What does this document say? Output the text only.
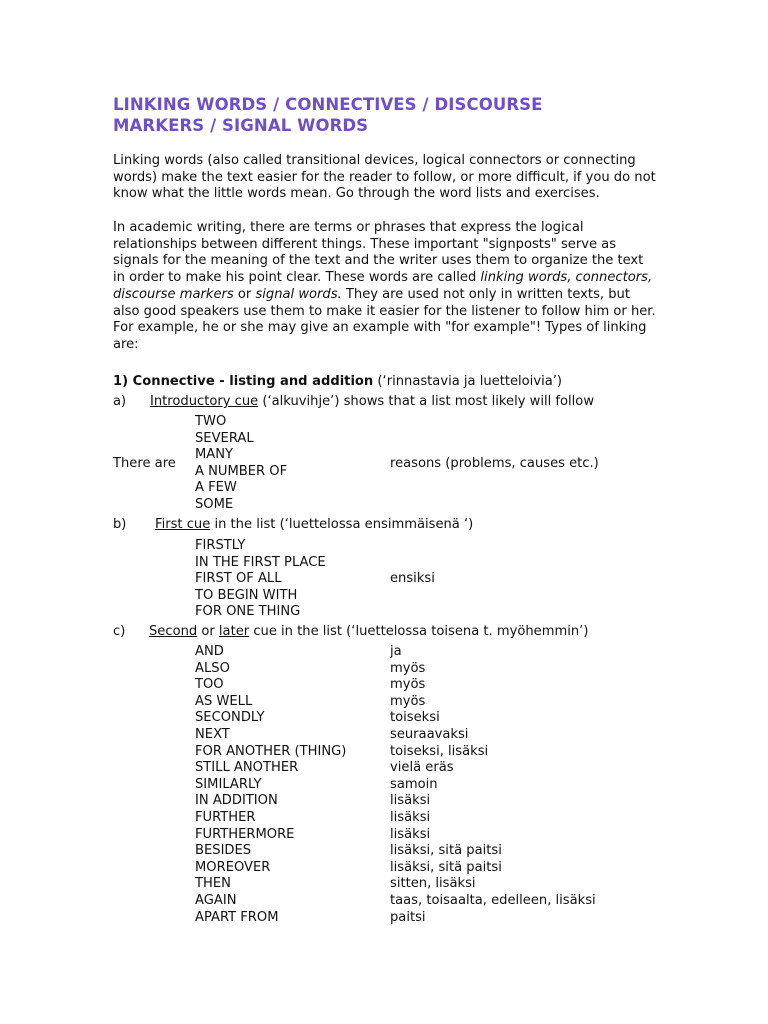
LINKING WORDS / CONNECTIVES / DISCOURSE
MARKERS / SIGNAL WORDS

Linking words (also called transitional devices, logical connectors or connecting words) make the text easier for the reader to follow, or more difficult, if you do not know what the little words mean. Go through the word lists and exercises.

In academic writing, there are terms or phrases that express the logical relationships between different things. These important "signposts" serve as signals for the meaning of the text and the writer uses them to organize the text in order to make his point clear. These words are called linking words, connectors, discourse markers or signal words. They are used not only in written texts, but also good speakers use them to make it easier for the listener to follow him or her. For example, he or she may give an example with "for example"! Types of linking are:

1) Connective - listing and addition (‘rinnastavia ja luetteloivia’)

a) Introductory cue (‘alkuvihje’) shows that a list most likely will follow

TWO
SEVERAL
MANY
A NUMBER OF
A FEW
SOME

There are	reasons (problems, causes etc.)

b) First cue in the list (‘luettelossa ensimmäisenä ‘)

FIRSTLY
IN THE FIRST PLACE
FIRST OF ALL
TO BEGIN WITH
FOR ONE THING

ensiksi

c) Second or later cue in the list (‘luettelossa toisena t. myöhemmin’)

AND
ALSO
TOO
AS WELL
SECONDLY
NEXT
FOR ANOTHER (THING)
STILL ANOTHER
SIMILARLY
IN ADDITION
FURTHER
FURTHERMORE
BESIDES
MOREOVER
THEN
AGAIN
APART FROM
ja
myös
myös
myös
toiseksi
seuraavaksi
toiseksi, lisäksi
vielä eräs
samoin
lisäksi
lisäksi
lisäksi
lisäksi, sitä paitsi
lisäksi, sitä paitsi
sitten, lisäksi
taas, toisaalta, edelleen, lisäksi
paitsi
